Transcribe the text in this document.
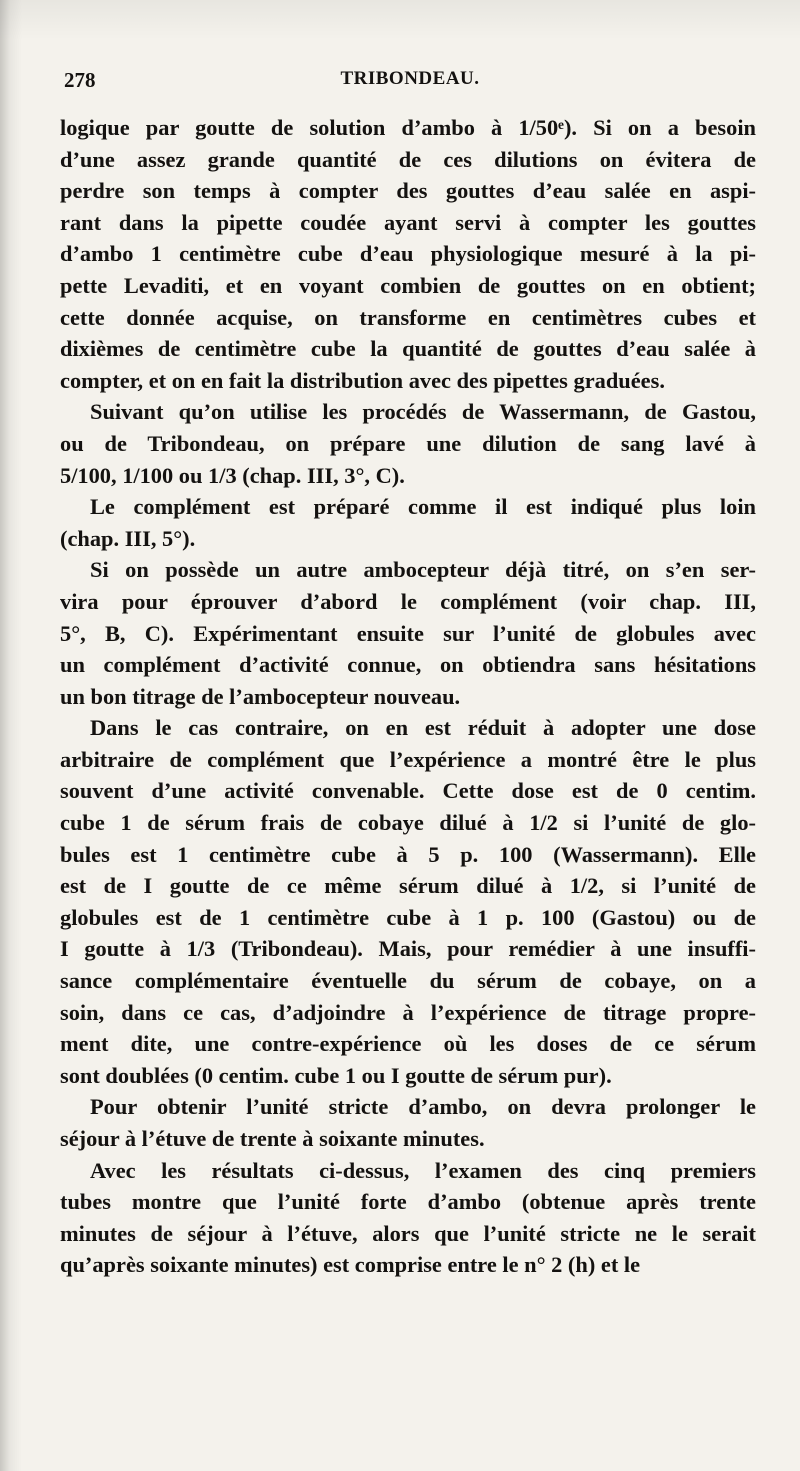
278	TRIBONDEAU.
logique par goutte de solution d’ambo à 1/50ᵉ). Si on a besoin
d’une assez grande quantité de ces dilutions on évitera de
perdre son temps à compter des gouttes d’eau salée en aspi-
rant dans la pipette coudée ayant servi à compter les gouttes
d’ambo 1 centimètre cube d’eau physiologique mesuré à la pi-
pette Levaditi, et en voyant combien de gouttes on en obtient;
cette donnée acquise, on transforme en centimètres cubes et
dixièmes de centimètre cube la quantité de gouttes d’eau salée à
compter, et on en fait la distribution avec des pipettes graduées.
Suivant qu’on utilise les procédés de Wassermann, de Gastou,
ou de Tribondeau, on prépare une dilution de sang lavé à
5/100, 1/100 ou 1/3 (chap. III, 3°, C).
Le complément est préparé comme il est indiqué plus loin
(chap. III, 5°).
Si on possède un autre ambocepteur déjà titré, on s’en ser-
vira pour éprouver d’abord le complément (voir chap. III,
5°, B, C). Expérimentant ensuite sur l’unité de globules avec
un complément d’activité connue, on obtiendra sans hésitations
un bon titrage de l’ambocepteur nouveau.
Dans le cas contraire, on en est réduit à adopter une dose
arbitraire de complément que l’expérience a montré être le plus
souvent d’une activité convenable. Cette dose est de 0 centim.
cube 1 de sérum frais de cobaye dilué à 1/2 si l’unité de glo-
bules est 1 centimètre cube à 5 p. 100 (Wassermann). Elle
est de I goutte de ce même sérum dilué à 1/2, si l’unité de
globules est de 1 centimètre cube à 1 p. 100 (Gastou) ou de
I goutte à 1/3 (Tribondeau). Mais, pour remédier à une insuffi-
sance complémentaire éventuelle du sérum de cobaye, on a
soin, dans ce cas, d’adjoindre à l’expérience de titrage propre-
ment dite, une contre-expérience où les doses de ce sérum
sont doublées (0 centim. cube 1 ou I goutte de sérum pur).
Pour obtenir l’unité stricte d’ambo, on devra prolonger le
séjour à l’étuve de trente à soixante minutes.
Avec les résultats ci-dessus, l’examen des cinq premiers
tubes montre que l’unité forte d’ambo (obtenue après trente
minutes de séjour à l’étuve, alors que l’unité stricte ne le serait
qu’après soixante minutes) est comprise entre le n° 2 (h) et le
